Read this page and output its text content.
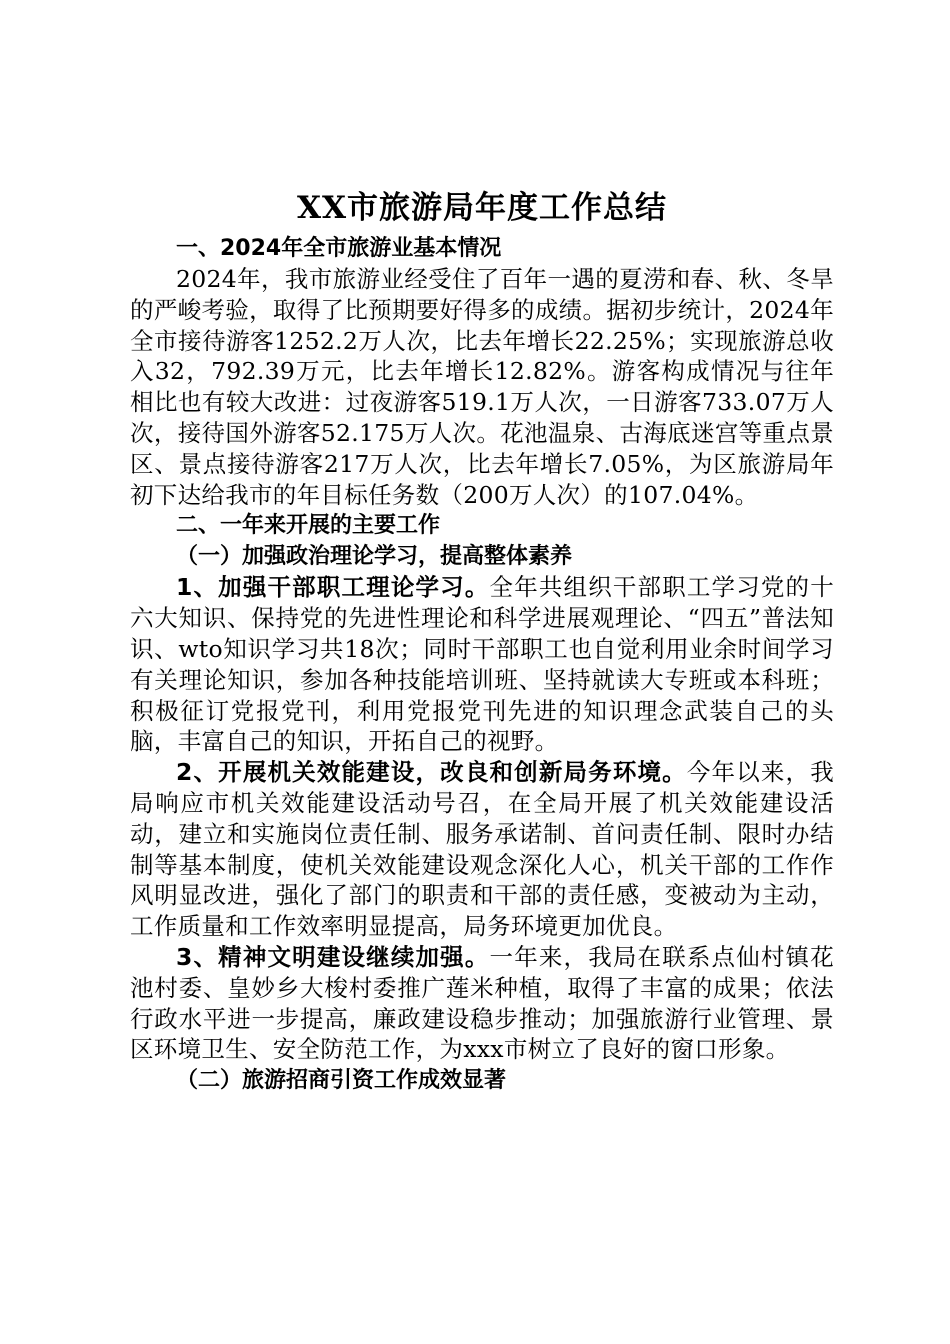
XX市旅游局年度工作总结
一、2024年全市旅游业基本情况

2024年，我市旅游业经受住了百年一遇的夏涝和春、秋、冬旱的严峻考验，取得了比预期要好得多的成绩。据初步统计，2024年全市接待游客1252.2万人次，比去年增长22.25%；实现旅游总收入32，792.39万元，比去年增长12.82%。游客构成情况与往年相比也有较大改进：过夜游客519.1万人次，一日游客733.07万人次，接待国外游客52.175万人次。花池温泉、古海底迷宫等重点景区、景点接待游客217万人次，比去年增长7.05%，为区旅游局年初下达给我市的年目标任务数（200万人次）的107.04%。

二、一年来开展的主要工作
（一）加强政治理论学习，提高整体素养

1、加强干部职工理论学习。全年共组织干部职工学习党的十六大知识、保持党的先进性理论和科学进展观理论、“四五”普法知识、wto知识学习共18次；同时干部职工也自觉利用业余时间学习有关理论知识，参加各种技能培训班、坚持就读大专班或本科班；积极征订党报党刊，利用党报党刊先进的知识理念武装自己的头脑，丰富自己的知识，开拓自己的视野。

2、开展机关效能建设，改良和创新局务环境。今年以来，我局响应市机关效能建设活动号召，在全局开展了机关效能建设活动，建立和实施岗位责任制、服务承诺制、首问责任制、限时办结制等基本制度，使机关效能建设观念深化人心，机关干部的工作作风明显改进，强化了部门的职责和干部的责任感，变被动为主动，工作质量和工作效率明显提高，局务环境更加优良。

3、精神文明建设继续加强。一年来，我局在联系点仙村镇花池村委、皇妙乡大梭村委推广莲米种植，取得了丰富的成果；依法行政水平进一步提高，廉政建设稳步推动；加强旅游行业管理、景区环境卫生、安全防范工作，为xxx市树立了良好的窗口形象。

（二）旅游招商引资工作成效显著
